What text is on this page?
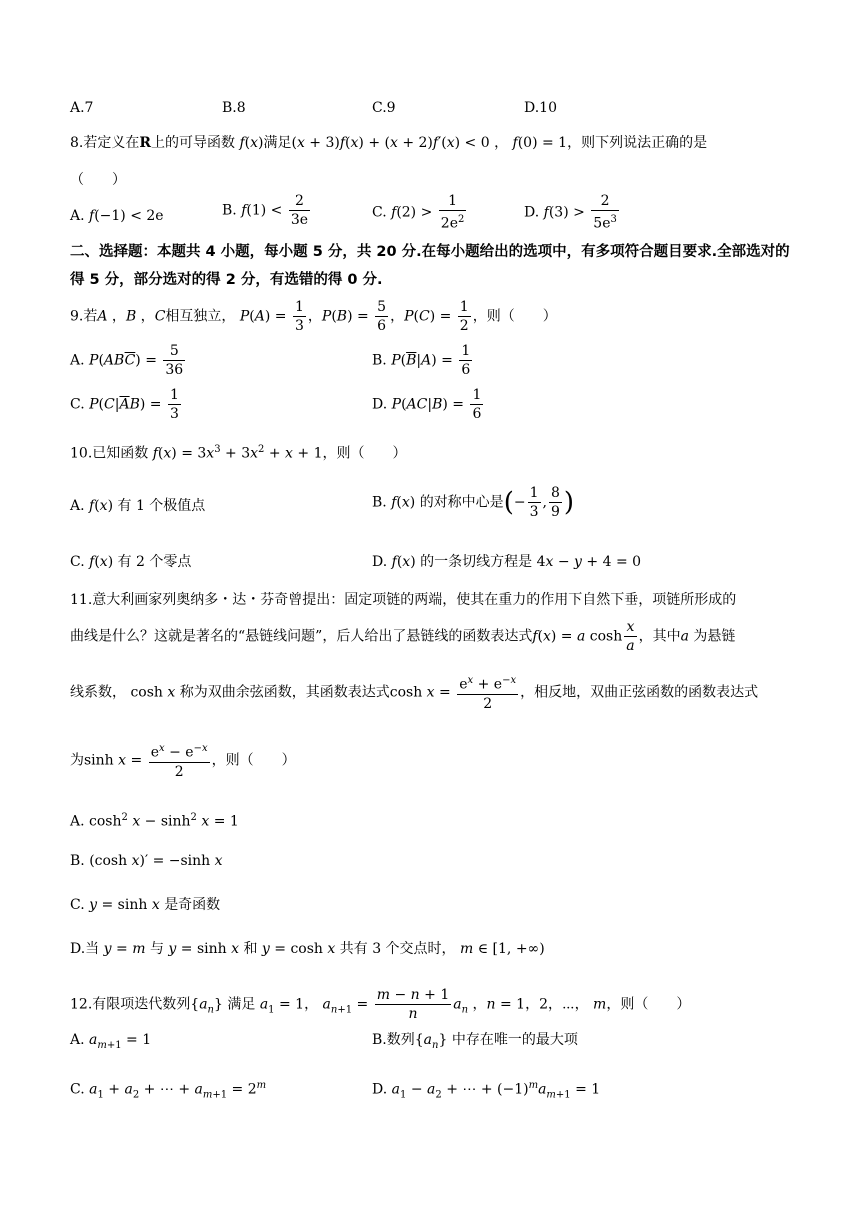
A.7	B.8	C.9	D.10
8.若定义在R上的可导函数 f(x)满足(x + 3)f(x) + (x + 2)f′(x) < 0 ， f(0) = 1，则下列说法正确的是
（　　）
A. f(−1) < 2e	B. $f(1) < \frac{2}{3e}$	C. $f(2) > \frac{1}{2e^2}$	D. $f(3) > \frac{2}{5e^3}$
二、选择题：本题共 4 小题，每小题 5 分，共 20 分.在每小题给出的选项中，有多项符合题目要求.全部选对的得 5 分，部分选对的得 2 分，有选错的得 0 分.
9.若A ，B ，C相互独立， $P(A) = \frac{1}{3}$ ，$P(B) = \frac{5}{6}$ ，$P(C) = \frac{1}{2}$ ，则（　　）
A. $P(AB\overline{C}) = \frac{5}{36}$	B. $P(\overline{B}|A) = \frac{1}{6}$
C. $P(C|\overline{A}B) = \frac{1}{3}$	D. $P(AC|B) = \frac{1}{6}$
10.已知函数 $f(x) = 3x^3 + 3x^2 + x + 1$，则（　　）
A. f(x) 有 1 个极值点	B. f(x) 的对称中心是(− $\frac{1}{3}$ , $\frac{8}{9}$ )
C. f(x) 有 2 个零点	D. f(x) 的一条切线方程是 4x − y + 4 = 0
11.意大利画家列奥纳多・达・芬奇曾提出：固定项链的两端，使其在重力的作用下自然下垂，项链所形成的
曲线是什么？这就是著名的“悬链线问题”，后人给出了悬链线的函数表达式f(x) = a $\cosh \frac{x}{a}$ ，其中a 为悬链
线系数， cosh x 称为双曲余弦函数，其函数表达式$\cosh x = \frac{e^x + e^{-x}}{2}$ ，相反地，双曲正弦函数的函数表达式
为$\sinh x = \frac{e^x - e^{-x}}{2}$ ，则（　　）
A. $\cosh^2 x - \sinh^2 x = 1$
B. (cosh x)′ = −sinh x
C. y = sinh x 是奇函数
D.当 y = m 与 y = sinh x 和 y = cosh x 共有 3 个交点时， m ∈ [1, +∞)
12.有限项迭代数列$\{a_n\}$ 满足 $a_1 = 1$， $a_{n+1} = \frac{m - n + 1}{n} a_n$ ，n = 1，2，⋯， m，则（　　）
A. $a_{m+1} = 1$	B.数列$\{a_n\}$ 中存在唯一的最大项
C. $a_1 + a_2$ + ⋯ + $a_{m+1} = 2^m$	D. $a_1 - a_2$ + ⋯ + $(-1)^ma_{m+1} = 1$
